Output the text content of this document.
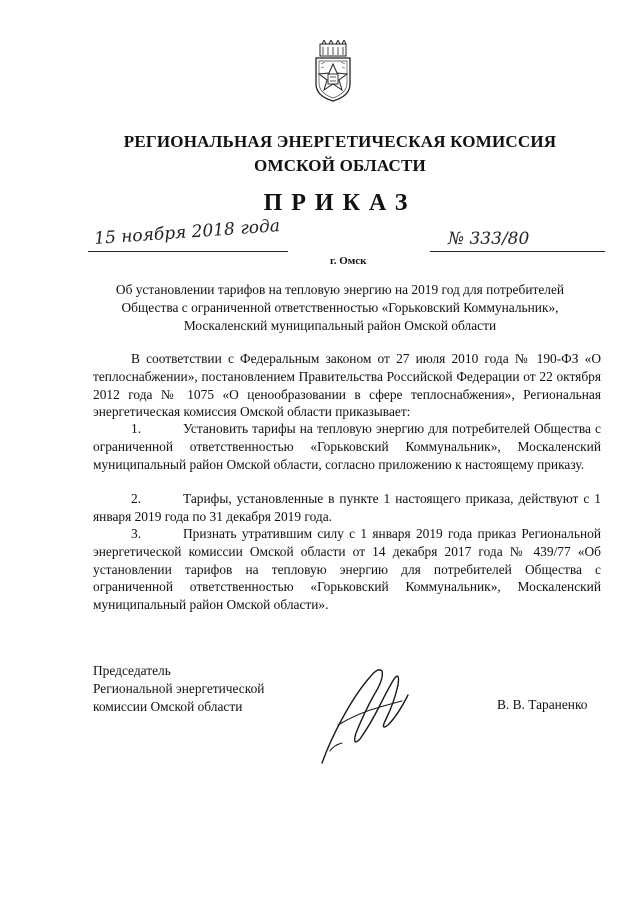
РЕГИОНАЛЬНАЯ ЭНЕРГЕТИЧЕСКАЯ КОМИССИЯ
ОМСКОЙ ОБЛАСТИ
ПРИКАЗ
15 ноября 2018 года	№ 333/80
г. Омск
Об установлении тарифов на тепловую энергию на 2019 год для потребителей
Общества с ограниченной ответственностью «Горьковский Коммунальник»,
Москаленский муниципальный район Омской области
В соответствии с Федеральным законом от 27 июля 2010 года № 190-ФЗ «О теплоснабжении», постановлением Правительства Российской Федерации от 22 октября 2012 года № 1075 «О ценообразовании в сфере теплоснабжения», Региональная энергетическая комиссия Омской области приказывает:

1.	Установить тарифы на тепловую энергию для потребителей Общества с ограниченной ответственностью «Горьковский Коммунальник», Москаленский муниципальный район Омской области, согласно приложению к настоящему приказу.

2.	Тарифы, установленные в пункте 1 настоящего приказа, действуют с 1 января 2019 года по 31 декабря 2019 года.

3.	Признать утратившим силу с 1 января 2019 года приказ Региональной энергетической комиссии Омской области от 14 декабря 2017 года № 439/77 «Об установлении тарифов на тепловую энергию для потребителей Общества с ограниченной ответственностью «Горьковский Коммунальник», Москаленский муниципальный район Омской области».

Председатель
Региональной энергетической
комиссии Омской области	В. В. Тараненко
